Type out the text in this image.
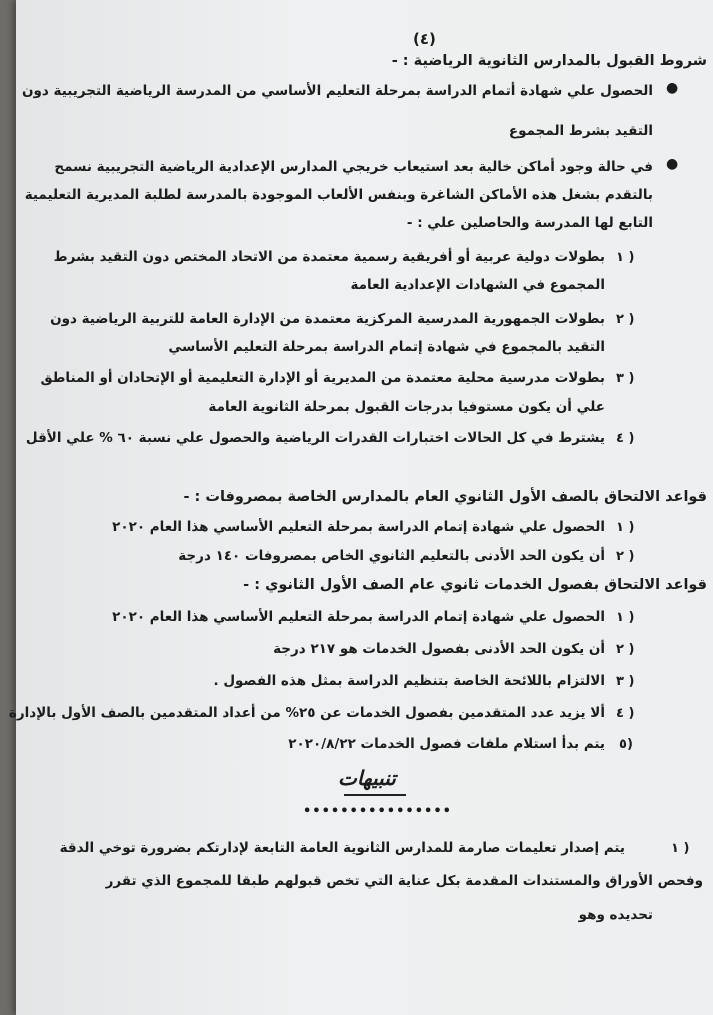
(٤)
شروط القبول بالمدارس الثانوية الرياضية : -
●
الحصول علي شهادة أتمام الدراسة بمرحلة التعليم الأساسي من المدرسة الرياضية التجريبية دون
التقيد بشرط المجموع
●
في حالة وجود أماكن خالية بعد استيعاب خريجي المدارس الإعدادية الرياضية التجريبية نسمح
بالتقدم بشغل هذه الأماكن الشاغرة وبنفس الألعاب الموجودة بالمدرسة لطلبة المديرية التعليمية
التابع لها المدرسة والحاصلين علي : -
١ )
بطولات دولية عربية أو أفريقية رسمية معتمدة من الاتحاد المختص دون التقيد بشرط
المجموع في الشهادات الإعدادية العامة
٢ )
بطولات الجمهورية المدرسية المركزية معتمدة من الإدارة العامة للتربية الرياضية دون
التقيد بالمجموع في شهادة إتمام الدراسة بمرحلة التعليم الأساسي
٣ )
بطولات مدرسية محلية معتمدة من المديرية أو الإدارة التعليمية أو الإتحادان أو المناطق
علي أن يكون مستوفيا بدرجات القبول بمرحلة الثانوية العامة
٤ )
يشترط في كل الحالات اختبارات القدرات الرياضية والحصول علي نسبة ٦٠ % علي الأقل
قواعد الالتحاق بالصف الأول الثانوي العام بالمدارس الخاصة بمصروفات : -
١ )
الحصول علي شهادة إتمام الدراسة بمرحلة التعليم الأساسي هذا العام ٢٠٢٠
٢ )
أن يكون الحد الأدنى بالتعليم الثانوي الخاص بمصروفات ١٤٠ درجة
قواعد الالتحاق بفصول الخدمات ثانوي عام الصف الأول الثانوي : -
١ )
الحصول علي شهادة إتمام الدراسة بمرحلة التعليم الأساسي هذا العام ٢٠٢٠
٢ )
أن يكون الحد الأدنى بفصول الخدمات هو ٢١٧ درجة
٣ )
الالتزام باللائحة الخاصة بتنظيم الدراسة بمثل هذه الفصول .
٤ )
ألا يزيد عدد المتقدمين بفصول الخدمات عن ٢٥% من أعداد المتقدمين بالصف الأول بالإدارة
٥)
يتم بدأ استلام ملفات فصول الخدمات ٢٠٢٠/٨/٢٢
تنبيهات
••••••••••••••••
١ )
يتم إصدار تعليمات صارمة للمدارس الثانوية العامة التابعة لإدارتكم بضرورة توخي الدقة
وفحص الأوراق والمستندات المقدمة بكل عناية التي تخص قبولهم طبقا للمجموع الذي تقرر
تحديده وهو
